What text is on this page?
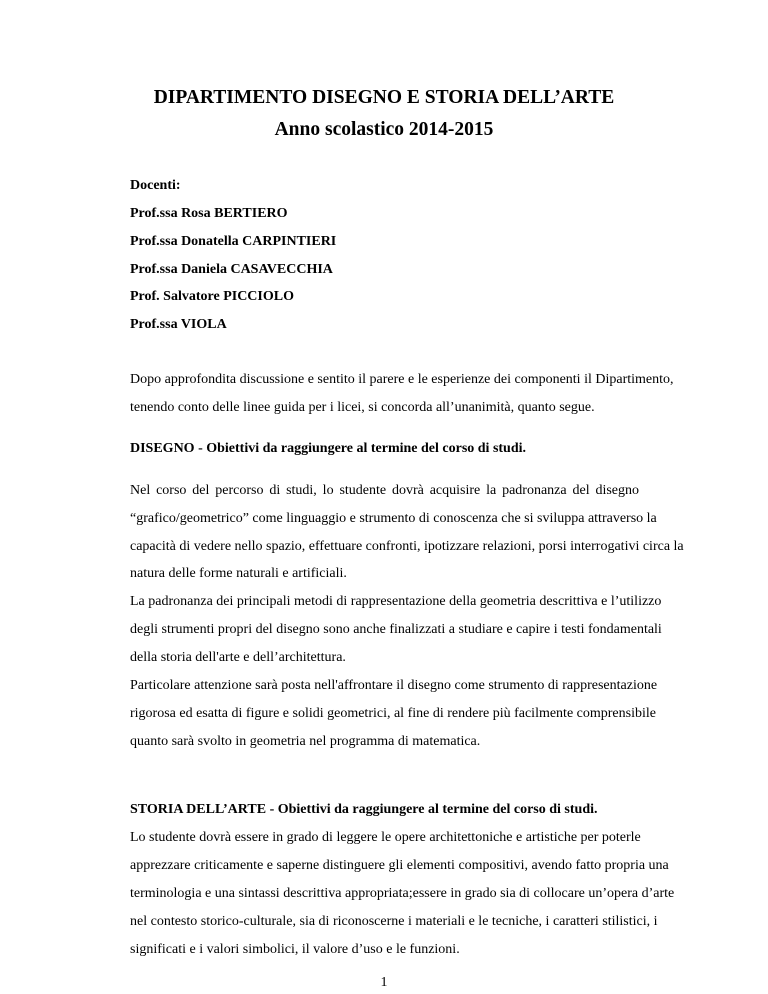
DIPARTIMENTO DISEGNO E STORIA DELL’ARTE
Anno scolastico 2014-2015
Docenti:
Prof.ssa Rosa BERTIERO
Prof.ssa Donatella CARPINTIERI
Prof.ssa Daniela CASAVECCHIA
Prof. Salvatore PICCIOLO
Prof.ssa VIOLA
Dopo approfondita discussione e sentito il parere e le esperienze dei componenti il Dipartimento,
tenendo conto delle linee guida per i licei, si concorda all’unanimità, quanto segue.
DISEGNO - Obiettivi da raggiungere al termine del corso di studi.
Nel corso del percorso di studi, lo studente dovrà acquisire la padronanza del disegno
“grafico/geometrico” come linguaggio e strumento di conoscenza che si sviluppa attraverso la
capacità di vedere nello spazio, effettuare confronti, ipotizzare relazioni, porsi interrogativi circa la
natura delle forme naturali e artificiali.
La padronanza dei principali metodi di rappresentazione della geometria descrittiva e l’utilizzo
degli strumenti propri del disegno sono anche finalizzati a studiare e capire i testi fondamentali
della storia dell'arte e dell’architettura.
Particolare attenzione sarà posta nell'affrontare il disegno come strumento di rappresentazione
rigorosa ed esatta di figure e solidi geometrici, al fine di rendere più facilmente comprensibile
quanto sarà svolto in geometria nel programma di matematica.
STORIA DELL’ARTE - Obiettivi da raggiungere al termine del corso di studi.
Lo studente dovrà essere in grado di leggere le opere architettoniche e artistiche per poterle
apprezzare criticamente e saperne distinguere gli elementi compositivi, avendo fatto propria una
terminologia e una sintassi descrittiva appropriata;essere in grado sia di collocare un’opera d’arte
nel contesto storico-culturale, sia di riconoscerne i materiali e le tecniche, i caratteri stilistici, i
significati e i valori simbolici, il valore d’uso e le funzioni.
1
